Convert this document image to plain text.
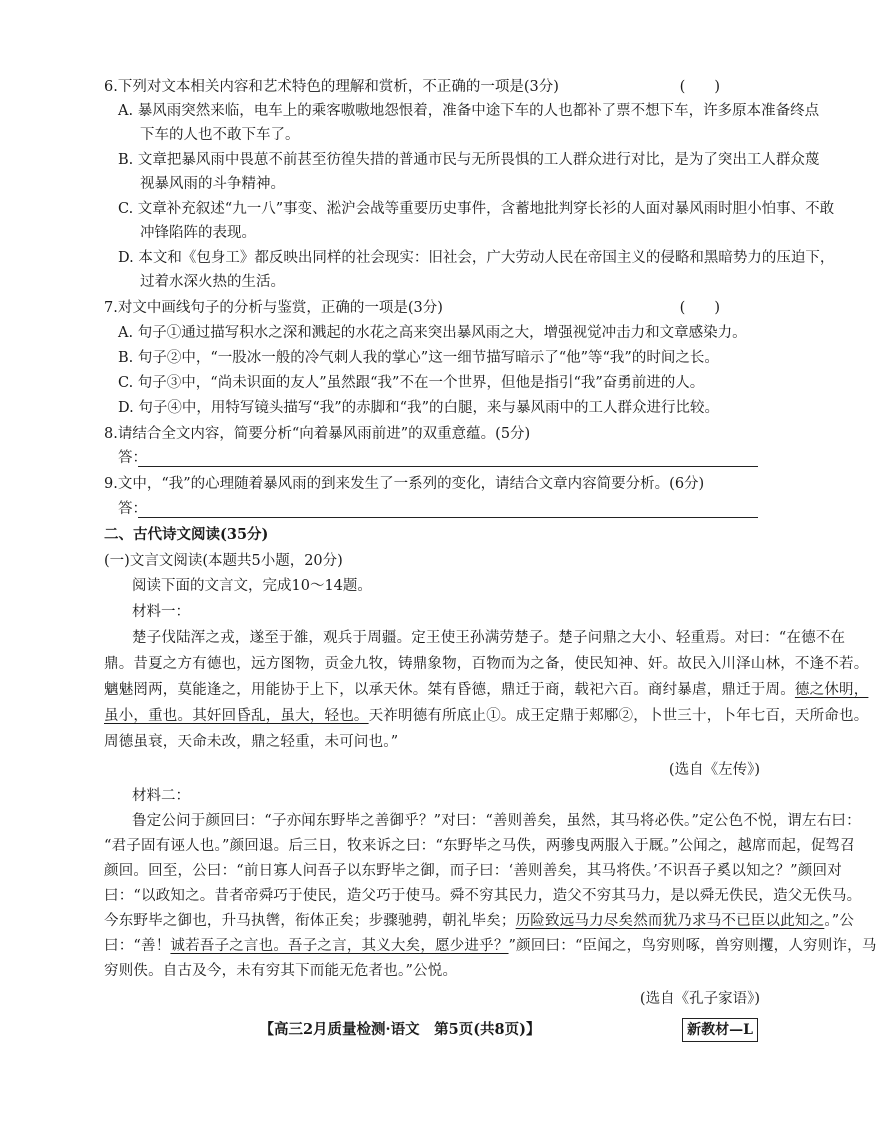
6.下列对文本相关内容和艺术特色的理解和赏析，不正确的一项是(3分)	(　　)
A. 暴风雨突然来临，电车上的乘客嗷嗷地怨恨着，准备中途下车的人也都补了票不想下车，许多原本准备终点
下车的人也不敢下车了。
B. 文章把暴风雨中畏葸不前甚至彷徨失措的普通市民与无所畏惧的工人群众进行对比，是为了突出工人群众蔑
视暴风雨的斗争精神。
C. 文章补充叙述“九一八”事变、淞沪会战等重要历史事件，含蓄地批判穿长衫的人面对暴风雨时胆小怕事、不敢
冲锋陷阵的表现。
D. 本文和《包身工》都反映出同样的社会现实：旧社会，广大劳动人民在帝国主义的侵略和黑暗势力的压迫下，
过着水深火热的生活。
7.对文中画线句子的分析与鉴赏，正确的一项是(3分)	(　　)
A. 句子①通过描写积水之深和溅起的水花之高来突出暴风雨之大，增强视觉冲击力和文章感染力。
B. 句子②中，“一股冰一般的冷气刺人我的掌心”这一细节描写暗示了“他”等“我”的时间之长。
C. 句子③中，“尚未识面的友人”虽然跟“我”不在一个世界，但他是指引“我”奋勇前进的人。
D. 句子④中，用特写镜头描写“我”的赤脚和“我”的白腿，来与暴风雨中的工人群众进行比较。
8.请结合全文内容，简要分析“向着暴风雨前进”的双重意蕴。(5分)
答：
9.文中，“我”的心理随着暴风雨的到来发生了一系列的变化，请结合文章内容简要分析。(6分)
答：
二、古代诗文阅读(35分)
(一)文言文阅读(本题共5小题，20分)
阅读下面的文言文，完成10～14题。
材料一：
楚子伐陆浑之戎，遂至于雒，观兵于周疆。定王使王孙满劳楚子。楚子问鼎之大小、轻重焉。对曰：“在德不在
鼎。昔夏之方有德也，远方图物，贡金九牧，铸鼎象物，百物而为之备，使民知神、奸。故民入川泽山林，不逢不若。
魑魅罔两，莫能逢之，用能协于上下，以承天休。桀有昏德，鼎迁于商，载祀六百。商纣暴虐，鼎迁于周。德之休明，
虽小，重也。其奸回昏乱，虽大，轻也。天祚明德有所底止①。成王定鼎于郏鄏②，卜世三十，卜年七百，天所命也。
周德虽衰，天命未改，鼎之轻重，未可问也。”
(选自《左传》)
材料二：
鲁定公问于颜回曰：“子亦闻东野毕之善御乎？”对曰：“善则善矣，虽然，其马将必佚。”定公色不悦，谓左右曰：
“君子固有诬人也。”颜回退。后三日，牧来诉之曰：“东野毕之马佚，两骖曳两服入于厩。”公闻之，越席而起，促驾召
颜回。回至，公曰：“前日寡人问吾子以东野毕之御，而子曰：‘善则善矣，其马将佚。’不识吾子奚以知之？”颜回对
曰：“以政知之。昔者帝舜巧于使民，造父巧于使马。舜不穷其民力，造父不穷其马力，是以舜无佚民，造父无佚马。
今东野毕之御也，升马执辔，衔体正矣；步骤驰骋，朝礼毕矣；历险致远马力尽矣然而犹乃求马不已臣以此知之。”公
曰：“善！诚若吾子之言也。吾子之言，其义大矣，愿少进乎？”颜回曰：“臣闻之，鸟穷则啄，兽穷则攫，人穷则诈，马
穷则佚。自古及今，未有穷其下而能无危者也。”公悦。
(选自《孔子家语》)
【高三2月质量检测·语文　第5页(共8页)】	新教材—L
